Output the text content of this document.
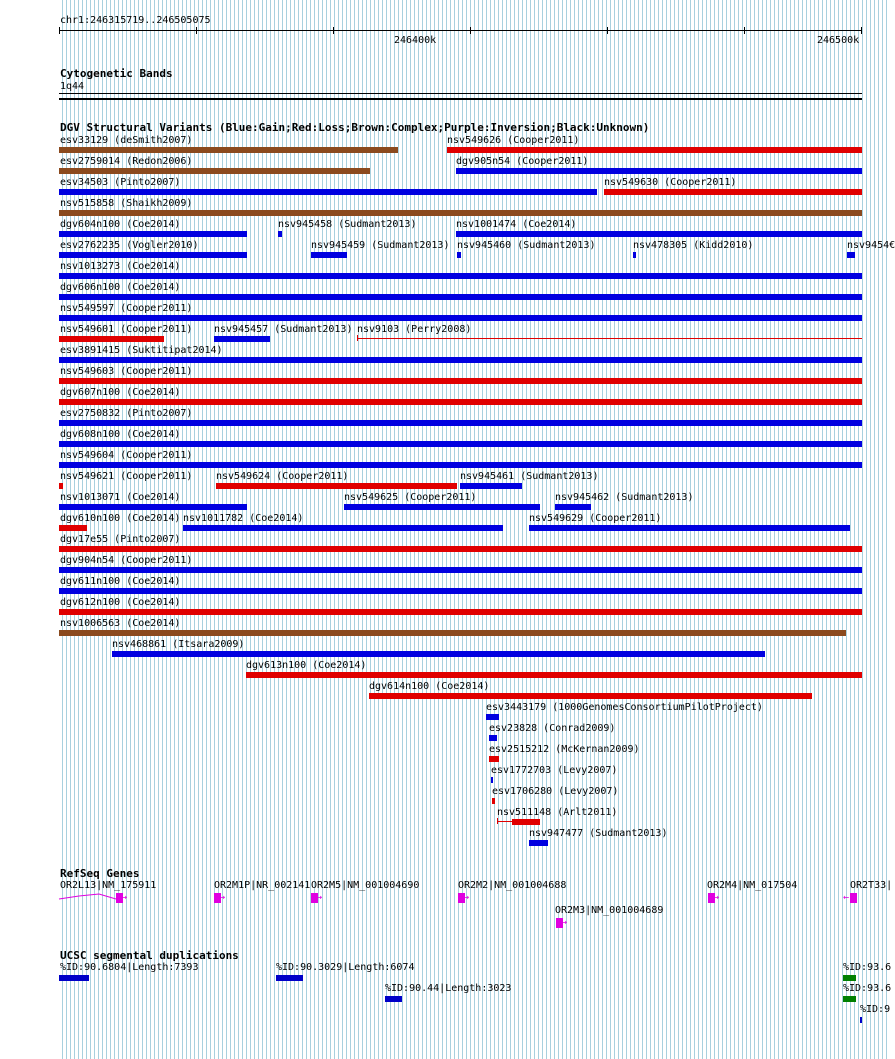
chr1:246315719..246505075
246400k	246500k
Cytogenetic Bands
1q44
DGV Structural Variants (Blue:Gain;Red:Loss;Brown:Complex;Purple:Inversion;Black:Unknown)
esv33129 (deSmith2007)	nsv549626 (Cooper2011)
esv2759014 (Redon2006)	dgv905n54 (Cooper2011)
esv34503 (Pinto2007)	nsv549630 (Cooper2011)
nsv515858 (Shaikh2009)
dgv604n100 (Coe2014)	nsv945458 (Sudmant2013)	nsv1001474 (Coe2014)
esv2762235 (Vogler2010)	nsv945459 (Sudmant2013) nsv945460 (Sudmant2013)	nsv478305 (Kidd2010)	nsv9454€
nsv1013273 (Coe2014)
dgv606n100 (Coe2014)
nsv549597 (Cooper2011)
nsv549601 (Cooper2011) nsv945457 (Sudmant2013) nsv9103 (Perry2008)
esv3891415 (Suktitipat2014)
nsv549603 (Cooper2011)
dgv607n100 (Coe2014)
esv2750832 (Pinto2007)
dgv608n100 (Coe2014)
nsv549604 (Cooper2011)
nsv549621 (Cooper2011) nsv549624 (Cooper2011)	nsv945461 (Sudmant2013)
nsv1013071 (Coe2014)	nsv549625 (Cooper2011)	nsv945462 (Sudmant2013)
dgv610n100 (Coe2014) nsv1011782 (Coe2014)	nsv549629 (Cooper2011)
dgv17e55 (Pinto2007)
dgv904n54 (Cooper2011)
dgv611n100 (Coe2014)
dgv612n100 (Coe2014)
nsv1006563 (Coe2014)
nsv468861 (Itsara2009)
dgv613n100 (Coe2014)
dgv614n100 (Coe2014)
esv3443179 (1000GenomesConsortiumPilotProject)
esv23828 (Conrad2009)
esv2515212 (McKernan2009)
esv1772703 (Levy2007)
esv1706280 (Levy2007)
nsv511148 (Arlt2011)
nsv947477 (Sudmant2013)
RefSeq Genes
OR2L13|NM_175911
→
OR2M1P|NR_002141
→
OR2M5|NM_001004690
→
OR2M2|NM_001004688
→
OR2M4|NM_017504
→
OR2T33|
OR2M3|NM_001004689
→
←
UCSC segmental duplications
%ID:90.6804|Length:7393	%ID:90.3029|Length:6074
%ID:90.44|Length:3023
%ID:93.6
%ID:93.6
%ID:9
